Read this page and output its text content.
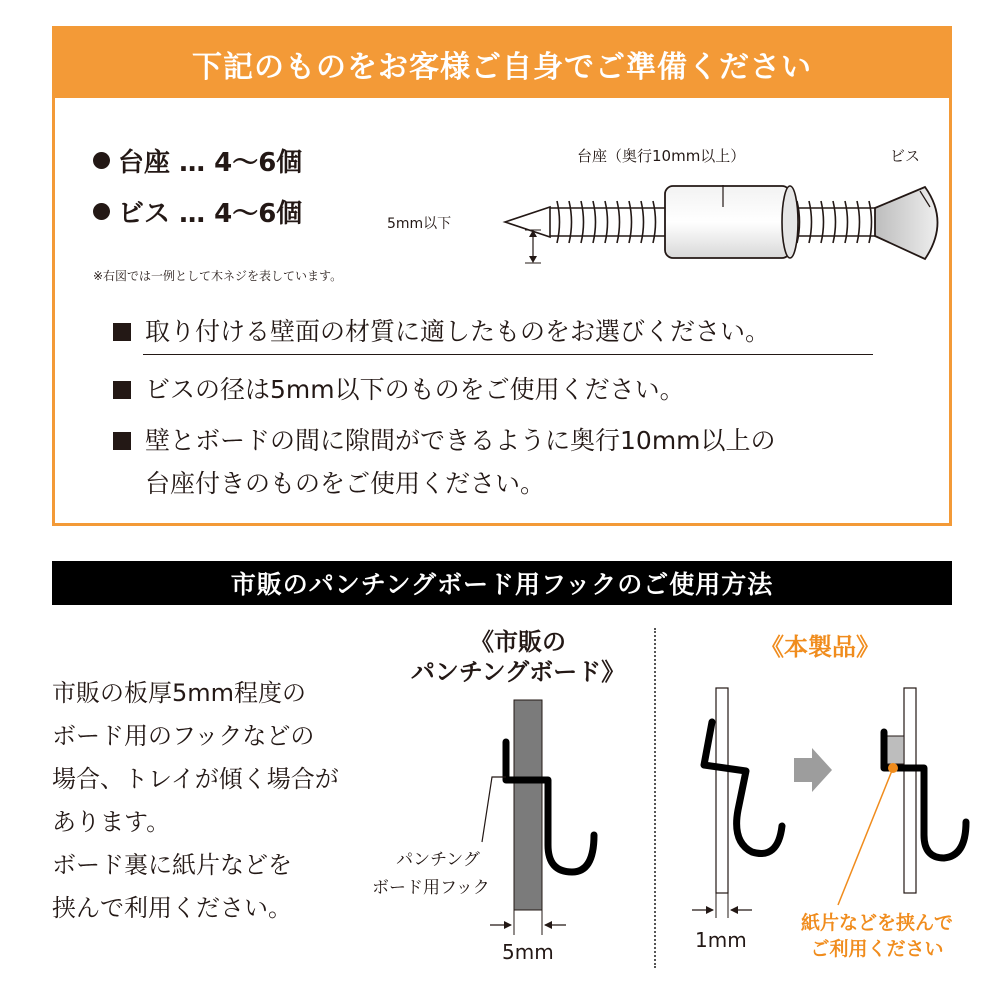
下記のものをお客様ご自身でご準備ください
台座 … 4～6個
ビス … 4～6個
※右図では一例として木ネジを表しています。
台座（奥行10mm以上）	ビス
5mm以下
取り付ける壁面の材質に適したものをお選びください。
ビスの径は5mm以下のものをご使用ください。
壁とボードの間に隙間ができるように奥行10mm以上の
台座付きのものをご使用ください。
市販のパンチングボード用フックのご使用方法
市販の板厚5mm程度の
ボード用のフックなどの
場合、トレイが傾く場合が
あります。
ボード裏に紙片などを
挟んで利用ください。
《市販の
パンチングボード》
《本製品》
パンチング
ボード用フック
5mm	1mm
紙片などを挟んで
ご利用ください
